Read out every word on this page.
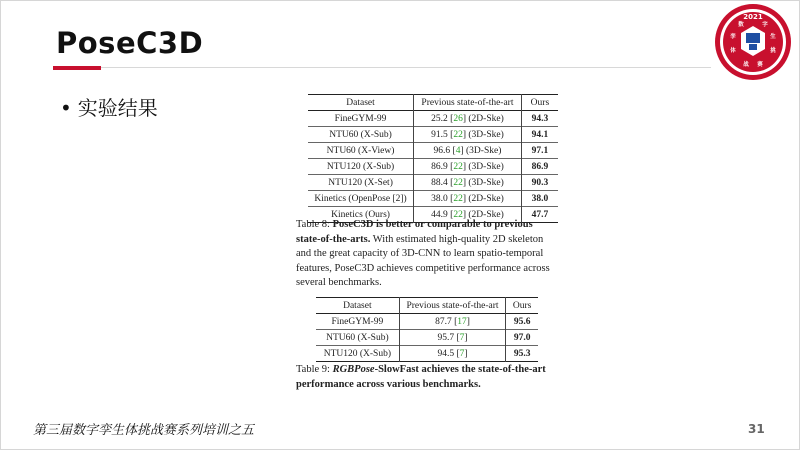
PoseC3D
• 实验结果
2021
数	字
孪	生
体	挑
战 赛
Dataset	Previous state-of-the-art	Ours
FineGYM-99	25.2 [26] (2D-Ske)	94.3
NTU60 (X-Sub)	91.5 [22] (3D-Ske)	94.1
NTU60 (X-View)	96.6 [4] (3D-Ske)	97.1
NTU120 (X-Sub)	86.9 [22] (3D-Ske)	86.9
NTU120 (X-Set)	88.4 [22] (3D-Ske)	90.3
Kinetics (OpenPose [2])	38.0 [22] (2D-Ske)	38.0
Kinetics (Ours)	44.9 [22] (2D-Ske)	47.7
Table 8: PoseC3D is better or comparable to previous state-of-the-arts. With estimated high-quality 2D skeleton and the great capacity of 3D-CNN to learn spatio-temporal features, PoseC3D achieves competitive performance across several benchmarks.
Dataset	Previous state-of-the-art	Ours
FineGYM-99	87.7 [17]	95.6
NTU60 (X-Sub)	95.7 [7]	97.0
NTU120 (X-Sub)	94.5 [7]	95.3
Table 9: RGBPose-SlowFast achieves the state-of-the-art performance across various benchmarks.
第三届数字孪生体挑战赛系列培训之五	31
